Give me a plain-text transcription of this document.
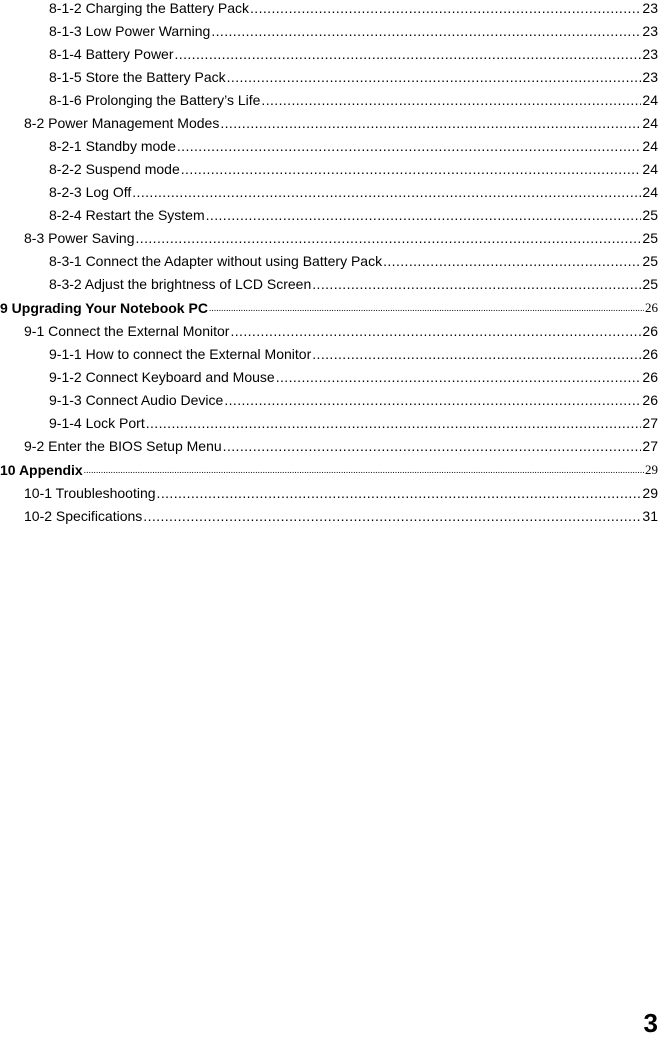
8-1-2 Charging the Battery Pack .....	23
8-1-3 Low Power Warning .....	23
8-1-4 Battery Power .....	23
8-1-5 Store the Battery Pack .....	23
8-1-6 Prolonging the Battery’s Life .....	24
8-2 Power Management Modes .....	24
8-2-1 Standby mode .....	24
8-2-2 Suspend mode .....	24
8-2-3 Log Off .....	24
8-2-4 Restart the System .....	25
8-3 Power Saving .....	25
8-3-1 Connect the Adapter without using Battery Pack .....	25
8-3-2 Adjust the brightness of LCD Screen .....	25
9 Upgrading Your Notebook PC .....	26
9-1 Connect the External Monitor .....	26
9-1-1 How to connect the External Monitor .....	26
9-1-2 Connect Keyboard and Mouse .....	26
9-1-3 Connect Audio Device .....	26
9-1-4 Lock Port .....	27
9-2 Enter the BIOS Setup Menu .....	27
10 Appendix .....	29
10-1 Troubleshooting .....	29
10-2 Specifications .....	31
3
